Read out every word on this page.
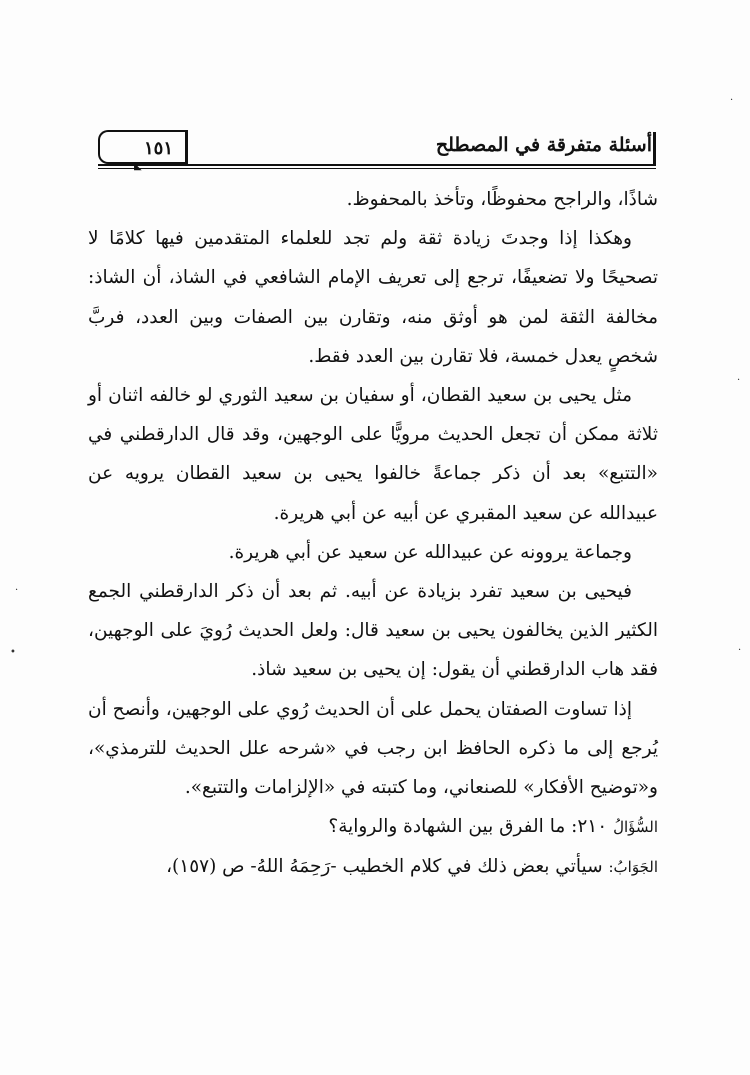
أسئلة متفرقة في المصطلح
١٥١
◣

شاذًا، والراجح محفوظًا، وتأخذ بالمحفوظ.

وهكذا إذا وجدتَ زيادة ثقة ولم تجد للعلماء المتقدمين فيها كلامًا لا تصحيحًا ولا تضعيفًا، ترجع إلى تعريف الإمام الشافعي في الشاذ، أن الشاذ: مخالفة الثقة لمن هو أوثق منه، وتقارن بين الصفات وبين العدد، فربَّ شخصٍ يعدل خمسة، فلا تقارن بين العدد فقط.

مثل يحيى بن سعيد القطان، أو سفيان بن سعيد الثوري لو خالفه اثنان أو ثلاثة ممكن أن تجعل الحديث مرويًّا على الوجهين، وقد قال الدارقطني في «التتبع» بعد أن ذكر جماعةً خالفوا يحيى بن سعيد القطان يرويه عن عبيدالله عن سعيد المقبري عن أبيه عن أبي هريرة.

وجماعة يروونه عن عبيدالله عن سعيد عن أبي هريرة.

فيحيى بن سعيد تفرد بزيادة عن أبيه. ثم بعد أن ذكر الدارقطني الجمع الكثير الذين يخالفون يحيى بن سعيد قال: ولعل الحديث رُويَ على الوجهين، فقد هاب الدارقطني أن يقول: إن يحيى بن سعيد شاذ.

إذا تساوت الصفتان يحمل على أن الحديث رُوي على الوجهين، وأنصح أن يُرجع إلى ما ذكره الحافظ ابن رجب في «شرحه علل الحديث للترمذي»، و«توضيح الأفكار» للصنعاني، وما كتبته في «الإلزامات والتتبع».

السُّؤَالُ ٢١٠: ما الفرق بين الشهادة والرواية؟

الجَوَابُ: سيأتي بعض ذلك في كلام الخطيب -رَحِمَهُ اللهُ- ص (١٥٧)،

·
·
·
·
•
